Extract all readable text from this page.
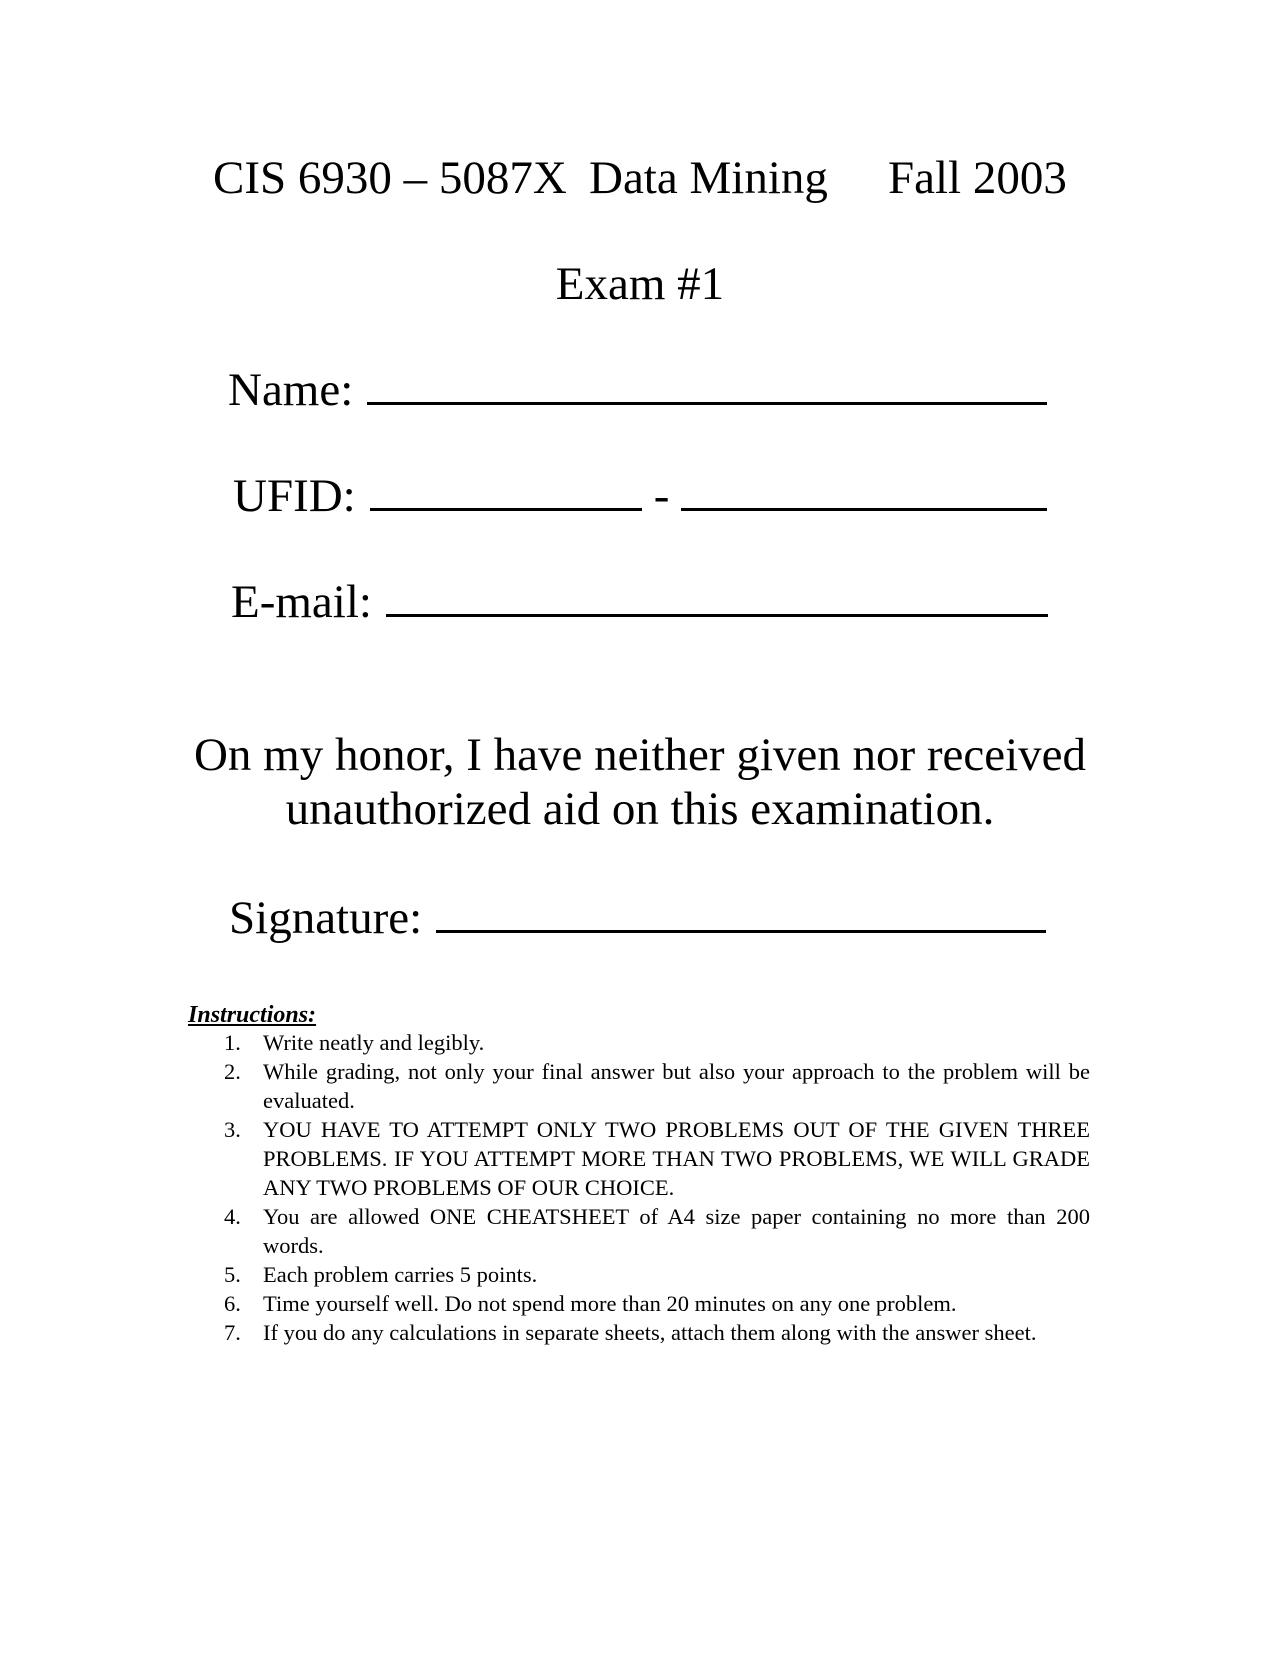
CIS 6930 – 5087X Data Mining Fall 2003
Exam #1
Name:
UFID:	-
E-mail:
On my honor, I have neither given nor received
unauthorized aid on this examination.
Signature:
Instructions:
1. Write neatly and legibly.
2. While grading, not only your final answer but also your approach to the problem will be evaluated.
3. YOU HAVE TO ATTEMPT ONLY TWO PROBLEMS OUT OF THE GIVEN THREE PROBLEMS. IF YOU ATTEMPT MORE THAN TWO PROBLEMS, WE WILL GRADE ANY TWO PROBLEMS OF OUR CHOICE.
4. You are allowed ONE CHEATSHEET of A4 size paper containing no more than 200 words.
5. Each problem carries 5 points.
6. Time yourself well. Do not spend more than 20 minutes on any one problem.
7. If you do any calculations in separate sheets, attach them along with the answer sheet.
